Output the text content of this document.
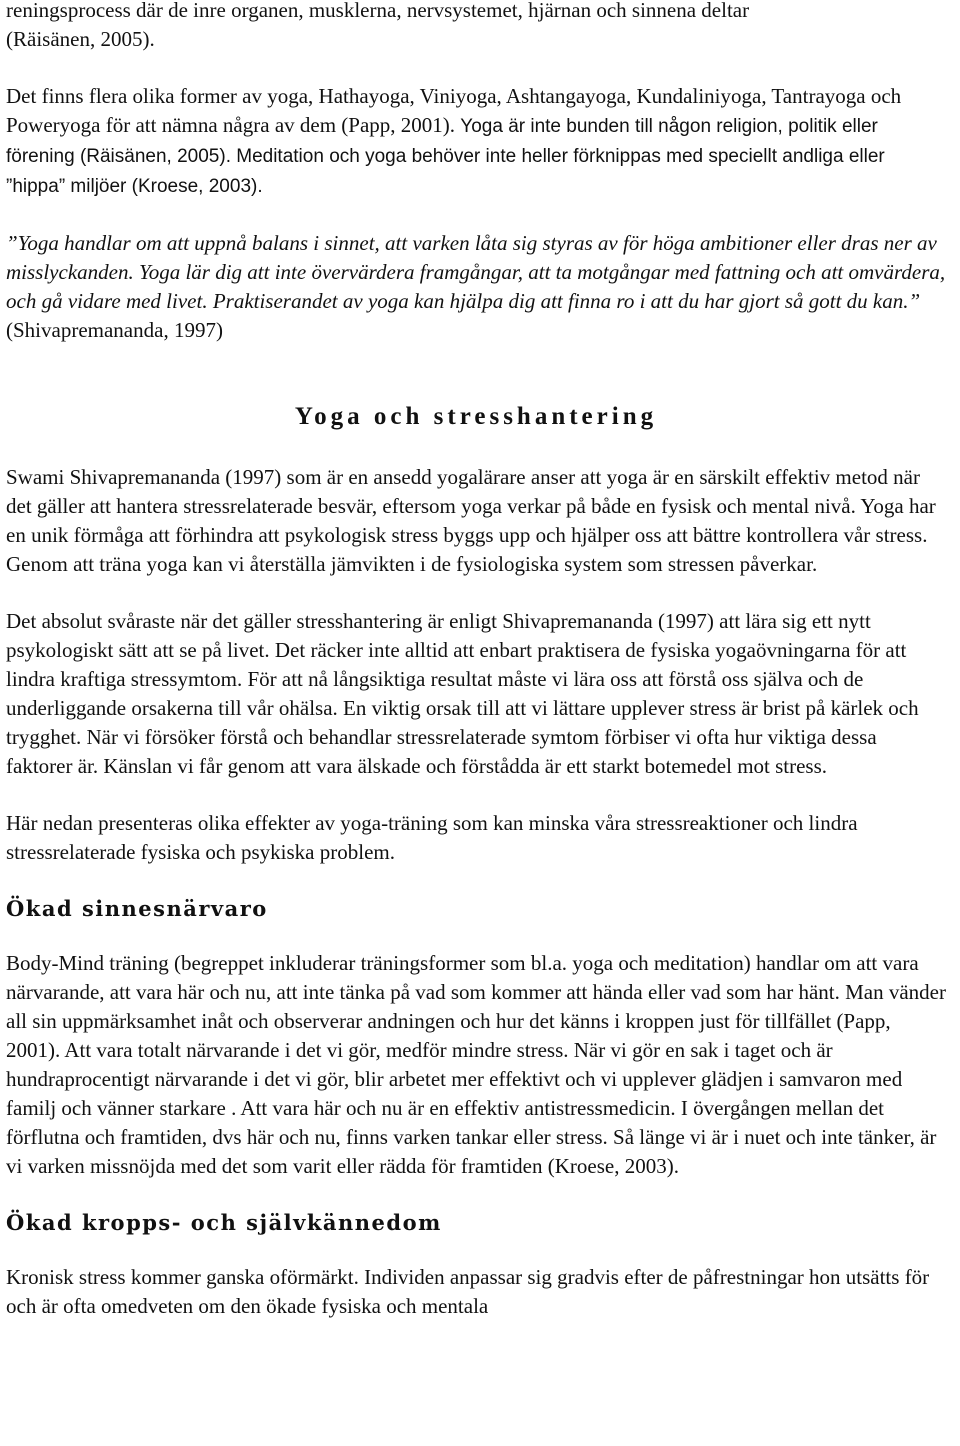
reningsprocess där de inre organen, musklerna, nervsystemet, hjärnan och sinnena deltar
(Räisänen, 2005).

Det finns flera olika former av yoga, Hathayoga, Viniyoga, Ashtangayoga, Kundaliniyoga, Tantrayoga och Poweryoga för att nämna några av dem (Papp, 2001). Yoga är inte bunden till någon religion, politik eller förening (Räisänen, 2005). Meditation och yoga behöver inte heller förknippas med speciellt andliga eller ”hippa” miljöer (Kroese, 2003).

”Yoga handlar om att uppnå balans i sinnet, att varken låta sig styras av för höga ambitioner eller dras ner av misslyckanden. Yoga lär dig att inte övervärdera framgångar, att ta motgångar med fattning och att omvärdera, och gå vidare med livet. Praktiserandet av yoga kan hjälpa dig att finna ro i att du har gjort så gott du kan.” (Shivapremananda, 1997)

Yoga och stresshantering

Swami Shivapremananda (1997) som är en ansedd yogalärare anser att yoga är en särskilt effektiv metod när det gäller att hantera stressrelaterade besvär, eftersom yoga verkar på både en fysisk och mental nivå. Yoga har en unik förmåga att förhindra att psykologisk stress byggs upp och hjälper oss att bättre kontrollera vår stress. Genom att träna yoga kan vi återställa jämvikten i de fysiologiska system som stressen påverkar.

Det absolut svåraste när det gäller stresshantering är enligt Shivapremananda (1997) att lära sig ett nytt psykologiskt sätt att se på livet. Det räcker inte alltid att enbart praktisera de fysiska yogaövningarna för att lindra kraftiga stressymtom. För att nå långsiktiga resultat måste vi lära oss att förstå oss själva och de underliggande orsakerna till vår ohälsa. En viktig orsak till att vi lättare upplever stress är brist på kärlek och trygghet. När vi försöker förstå och behandlar stressrelaterade symtom förbiser vi ofta hur viktiga dessa faktorer är. Känslan vi får genom att vara älskade och förstådda är ett starkt botemedel mot stress.

Här nedan presenteras olika effekter av yoga-träning som kan minska våra stressreaktioner och lindra stressrelaterade fysiska och psykiska problem.

Ökad sinnesnärvaro

Body-Mind träning (begreppet inkluderar träningsformer som bl.a. yoga och meditation) handlar om att vara närvarande, att vara här och nu, att inte tänka på vad som kommer att hända eller vad som har hänt. Man vänder all sin uppmärksamhet inåt och observerar andningen och hur det känns i kroppen just för tillfället (Papp, 2001). Att vara totalt närvarande i det vi gör, medför mindre stress. När vi gör en sak i taget och är hundraprocentigt närvarande i det vi gör, blir arbetet mer effektivt och vi upplever glädjen i samvaron med familj och vänner starkare . Att vara här och nu är en effektiv antistressmedicin. I övergången mellan det förflutna och framtiden, dvs här och nu, finns varken tankar eller stress. Så länge vi är i nuet och inte tänker, är vi varken missnöjda med det som varit eller rädda för framtiden (Kroese, 2003).

Ökad kropps- och självkännedom

Kronisk stress kommer ganska oförmärkt. Individen anpassar sig gradvis efter de påfrestningar hon utsätts för och är ofta omedveten om den ökade fysiska och mentala
